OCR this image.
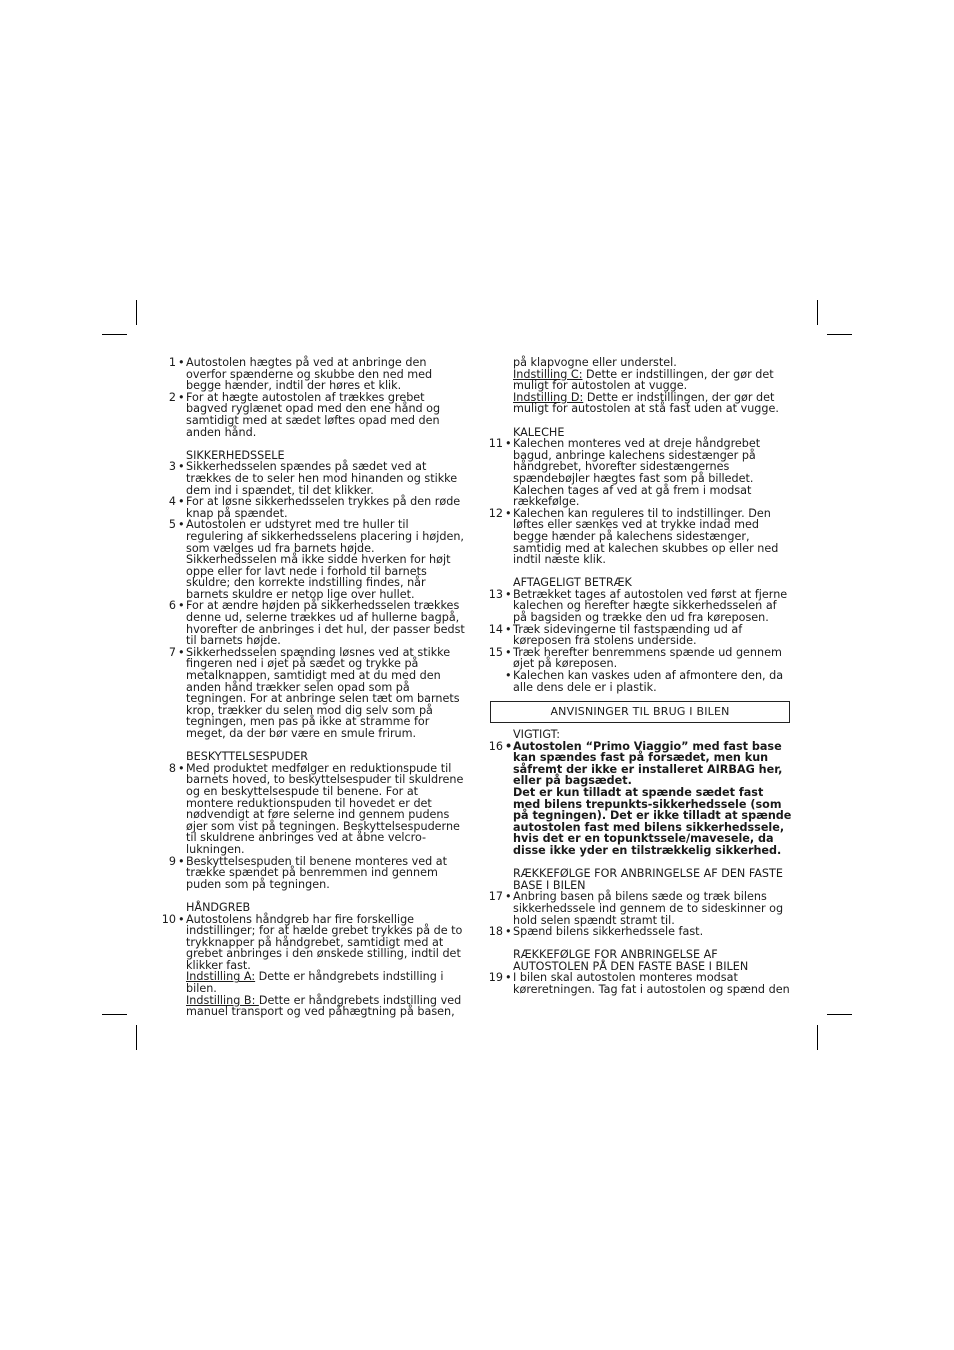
1 • Autostolen hægtes på ved at anbringe den overfor spænderne og skubbe den ned med begge hænder, indtil der høres et klik.

2 • For at hægte autostolen af trækkes grebet bagved ryglænet opad med den ene hånd og samtidigt med at sædet løftes opad med den anden hånd.

SIKKERHEDSSELE

3 • Sikkerhedsselen spændes på sædet ved at trækkes de to seler hen mod hinanden og stikke dem ind i spændet, til det klikker.

4 • For at løsne sikkerhedsselen trykkes på den røde knap på spændet.

5 • Autostolen er udstyret med tre huller til regulering af sikkerhedsselens placering i højden, som vælges ud fra barnets højde. Sikkerhedsselen må ikke sidde hverken for højt oppe eller for lavt nede i forhold til barnets skuldre; den korrekte indstilling findes, når barnets skuldre er netop lige over hullet.

6 • For at ændre højden på sikkerhedsselen trækkes denne ud, selerne trækkes ud af hullerne bagpå, hvorefter de anbringes i det hul, der passer bedst til barnets højde.

7 • Sikkerhedsselen spænding løsnes ved at stikke fingeren ned i øjet på sædet og trykke på metalknappen, samtidigt med at du med den anden hånd trækker selen opad som på tegningen. For at anbringe selen tæt om barnets krop, trækker du selen mod dig selv som på tegningen, men pas på ikke at stramme for meget, da der bør være en smule frirum.

BESKYTTELSESPUDER

8 • Med produktet medfølger en reduktionspude til barnets hoved, to beskyttelsespuder til skuldrene og en beskyttelsespude til benene. For at montere reduktionspuden til hovedet er det nødvendigt at føre selerne ind gennem pudens øjer som vist på tegningen. Beskyttelsespuderne til skuldrene anbringes ved at åbne velcro-lukningen.

9 • Beskyttelsespuden til benene monteres ved at trække spændet på benremmen ind gennem puden som på tegningen.

HÅNDGREB

10 • Autostolens håndgreb har fire forskellige indstillinger; for at hælde grebet trykkes på de to trykknapper på håndgrebet, samtidigt med at grebet anbringes i den ønskede stilling, indtil det klikker fast.

Indstilling A: Dette er håndgrebets indstilling i bilen.

Indstilling B: Dette er håndgrebets indstilling ved manuel transport og ved påhægtning på basen,

på klapvogne eller understel.

Indstilling C: Dette er indstillingen, der gør det muligt for autostolen at vugge.

Indstilling D: Dette er indstillingen, der gør det muligt for autostolen at stå fast uden at vugge.

KALECHE

11 • Kalechen monteres ved at dreje håndgrebet bagud, anbringe kalechens sidestænger på håndgrebet, hvorefter sidestængernes spændebøjler hægtes fast som på billedet. Kalechen tages af ved at gå frem i modsat rækkefølge.

12 • Kalechen kan reguleres til to indstillinger. Den løftes eller sænkes ved at trykke indad med begge hænder på kalechens sidestænger, samtidig med at kalechen skubbes op eller ned indtil næste klik.

AFTAGELIGT BETRÆK

13 • Betrækket tages af autostolen ved først at fjerne kalechen og herefter hægte sikkerhedsselen af på bagsiden og trække den ud fra køreposen.

14 • Træk sidevingerne til fastspænding ud af køreposen fra stolens underside.

15 • Træk herefter benremmens spænde ud gennem øjet på køreposen.

• Kalechen kan vaskes uden af afmontere den, da alle dens dele er i plastik.

ANVISNINGER TIL BRUG I BILEN

VIGTIGT:

16 • Autostolen “Primo Viaggio” med fast base kan spændes fast på forsædet, men kun såfremt der ikke er installeret AIRBAG her, eller på bagsædet.

Det er kun tilladt at spænde sædet fast med bilens trepunkts-sikkerhedssele (som på tegningen). Det er ikke tilladt at spænde autostolen fast med bilens sikkerhedssele, hvis det er en topunktssele/mavesele, da disse ikke yder en tilstrækkelig sikkerhed.

RÆKKEFØLGE FOR ANBRINGELSE AF DEN FASTE BASE I BILEN

17 • Anbring basen på bilens sæde og træk bilens sikkerhedssele ind gennem de to sideskinner og hold selen spændt stramt til.

18 • Spænd bilens sikkerhedssele fast.

RÆKKEFØLGE FOR ANBRINGELSE AF AUTOSTOLEN PÅ DEN FASTE BASE I BILEN

19 • I bilen skal autostolen monteres modsat køreretningen. Tag fat i autostolen og spænd den
